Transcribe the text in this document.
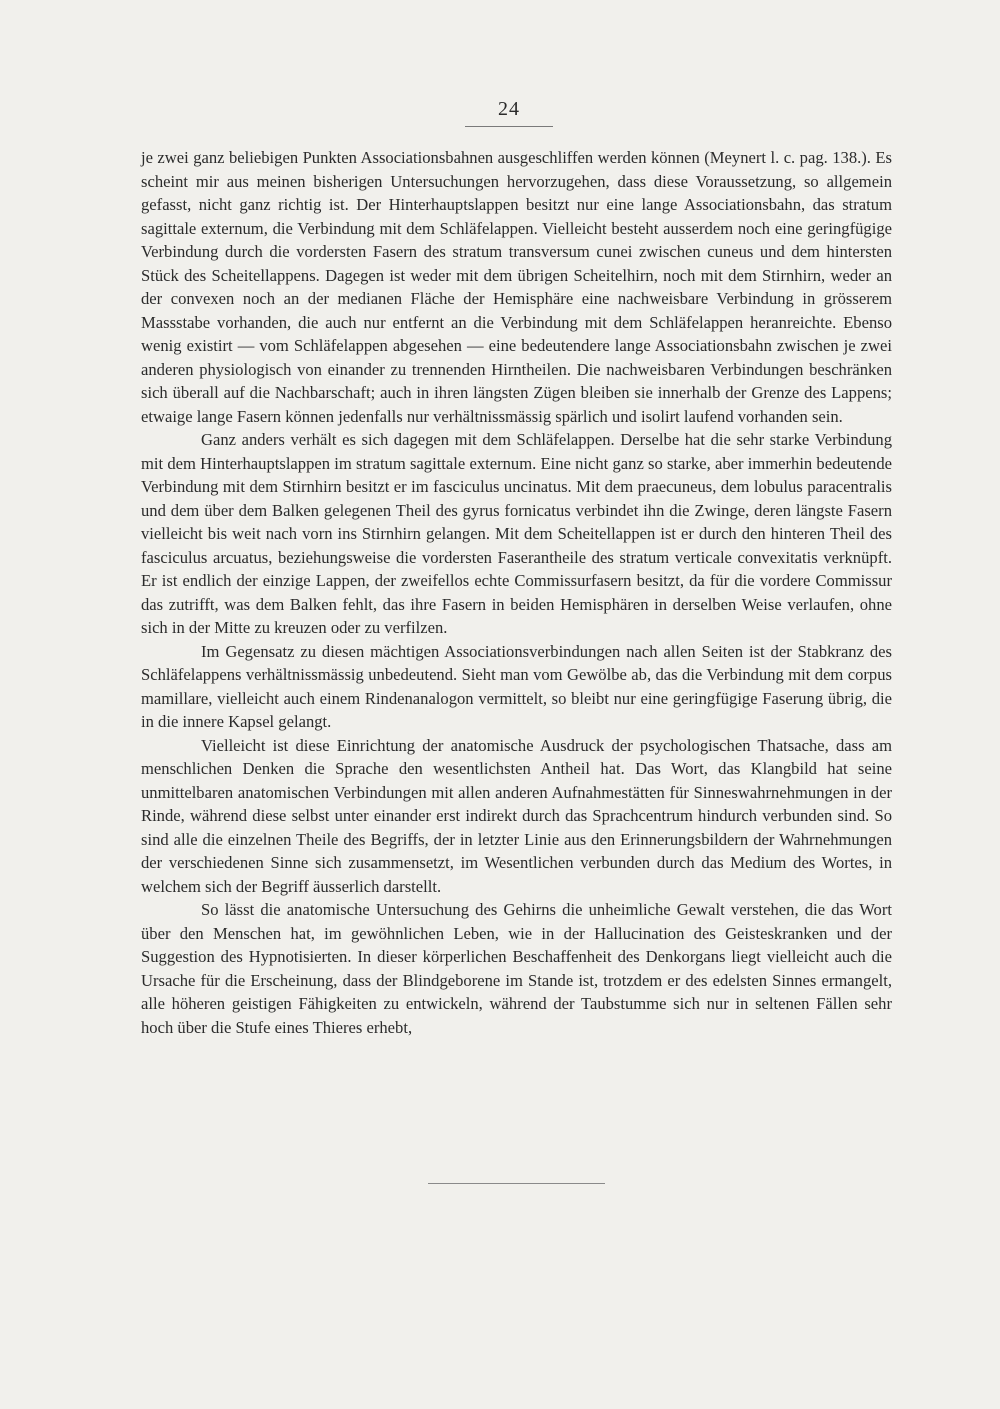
24

je zwei ganz beliebigen Punkten Associationsbahnen ausgeschliffen werden können (Meynert l. c. pag. 138.). Es scheint mir aus meinen bisherigen Untersuchungen hervorzugehen, dass diese Voraussetzung, so allgemein gefasst, nicht ganz richtig ist. Der Hinterhauptslappen besitzt nur eine lange Associationsbahn, das stratum sagittale externum, die Verbindung mit dem Schläfelappen. Vielleicht besteht ausserdem noch eine geringfügige Verbindung durch die vordersten Fasern des stratum transversum cunei zwischen cuneus und dem hintersten Stück des Scheitellappens. Dagegen ist weder mit dem übrigen Scheitelhirn, noch mit dem Stirnhirn, weder an der convexen noch an der medianen Fläche der Hemisphäre eine nachweisbare Verbindung in grösserem Massstabe vorhanden, die auch nur entfernt an die Verbindung mit dem Schläfelappen heranreichte. Ebenso wenig existirt — vom Schläfelappen abgesehen — eine bedeutendere lange Associationsbahn zwischen je zwei anderen physiologisch von einander zu trennenden Hirntheilen. Die nachweisbaren Verbindungen beschränken sich überall auf die Nachbarschaft; auch in ihren längsten Zügen bleiben sie innerhalb der Grenze des Lappens; etwaige lange Fasern können jedenfalls nur verhältnissmässig spärlich und isolirt laufend vorhanden sein.

Ganz anders verhält es sich dagegen mit dem Schläfelappen. Derselbe hat die sehr starke Verbindung mit dem Hinterhauptslappen im stratum sagittale externum. Eine nicht ganz so starke, aber immerhin bedeutende Verbindung mit dem Stirnhirn besitzt er im fasciculus uncinatus. Mit dem praecuneus, dem lobulus paracentralis und dem über dem Balken gelegenen Theil des gyrus fornicatus verbindet ihn die Zwinge, deren längste Fasern vielleicht bis weit nach vorn ins Stirnhirn gelangen. Mit dem Scheitellappen ist er durch den hinteren Theil des fasciculus arcuatus, beziehungsweise die vordersten Faserantheile des stratum verticale convexitatis verknüpft. Er ist endlich der einzige Lappen, der zweifellos echte Commissurfasern besitzt, da für die vordere Commissur das zutrifft, was dem Balken fehlt, das ihre Fasern in beiden Hemisphären in derselben Weise verlaufen, ohne sich in der Mitte zu kreuzen oder zu verfilzen.

Im Gegensatz zu diesen mächtigen Associationsverbindungen nach allen Seiten ist der Stabkranz des Schläfelappens verhältnissmässig unbedeutend. Sieht man vom Gewölbe ab, das die Verbindung mit dem corpus mamillare, vielleicht auch einem Rindenanalogon vermittelt, so bleibt nur eine geringfügige Faserung übrig, die in die innere Kapsel gelangt.

Vielleicht ist diese Einrichtung der anatomische Ausdruck der psychologischen Thatsache, dass am menschlichen Denken die Sprache den wesentlichsten Antheil hat. Das Wort, das Klangbild hat seine unmittelbaren anatomischen Verbindungen mit allen anderen Aufnahmestätten für Sinneswahrnehmungen in der Rinde, während diese selbst unter einander erst indirekt durch das Sprachcentrum hindurch verbunden sind. So sind alle die einzelnen Theile des Begriffs, der in letzter Linie aus den Erinnerungsbildern der Wahrnehmungen der verschiedenen Sinne sich zusammensetzt, im Wesentlichen verbunden durch das Medium des Wortes, in welchem sich der Begriff äusserlich darstellt.

So lässt die anatomische Untersuchung des Gehirns die unheimliche Gewalt verstehen, die das Wort über den Menschen hat, im gewöhnlichen Leben, wie in der Hallucination des Geisteskranken und der Suggestion des Hypnotisierten. In dieser körperlichen Beschaffenheit des Denkorgans liegt vielleicht auch die Ursache für die Erscheinung, dass der Blindgeborene im Stande ist, trotzdem er des edelsten Sinnes ermangelt, alle höheren geistigen Fähigkeiten zu entwickeln, während der Taubstumme sich nur in seltenen Fällen sehr hoch über die Stufe eines Thieres erhebt,
